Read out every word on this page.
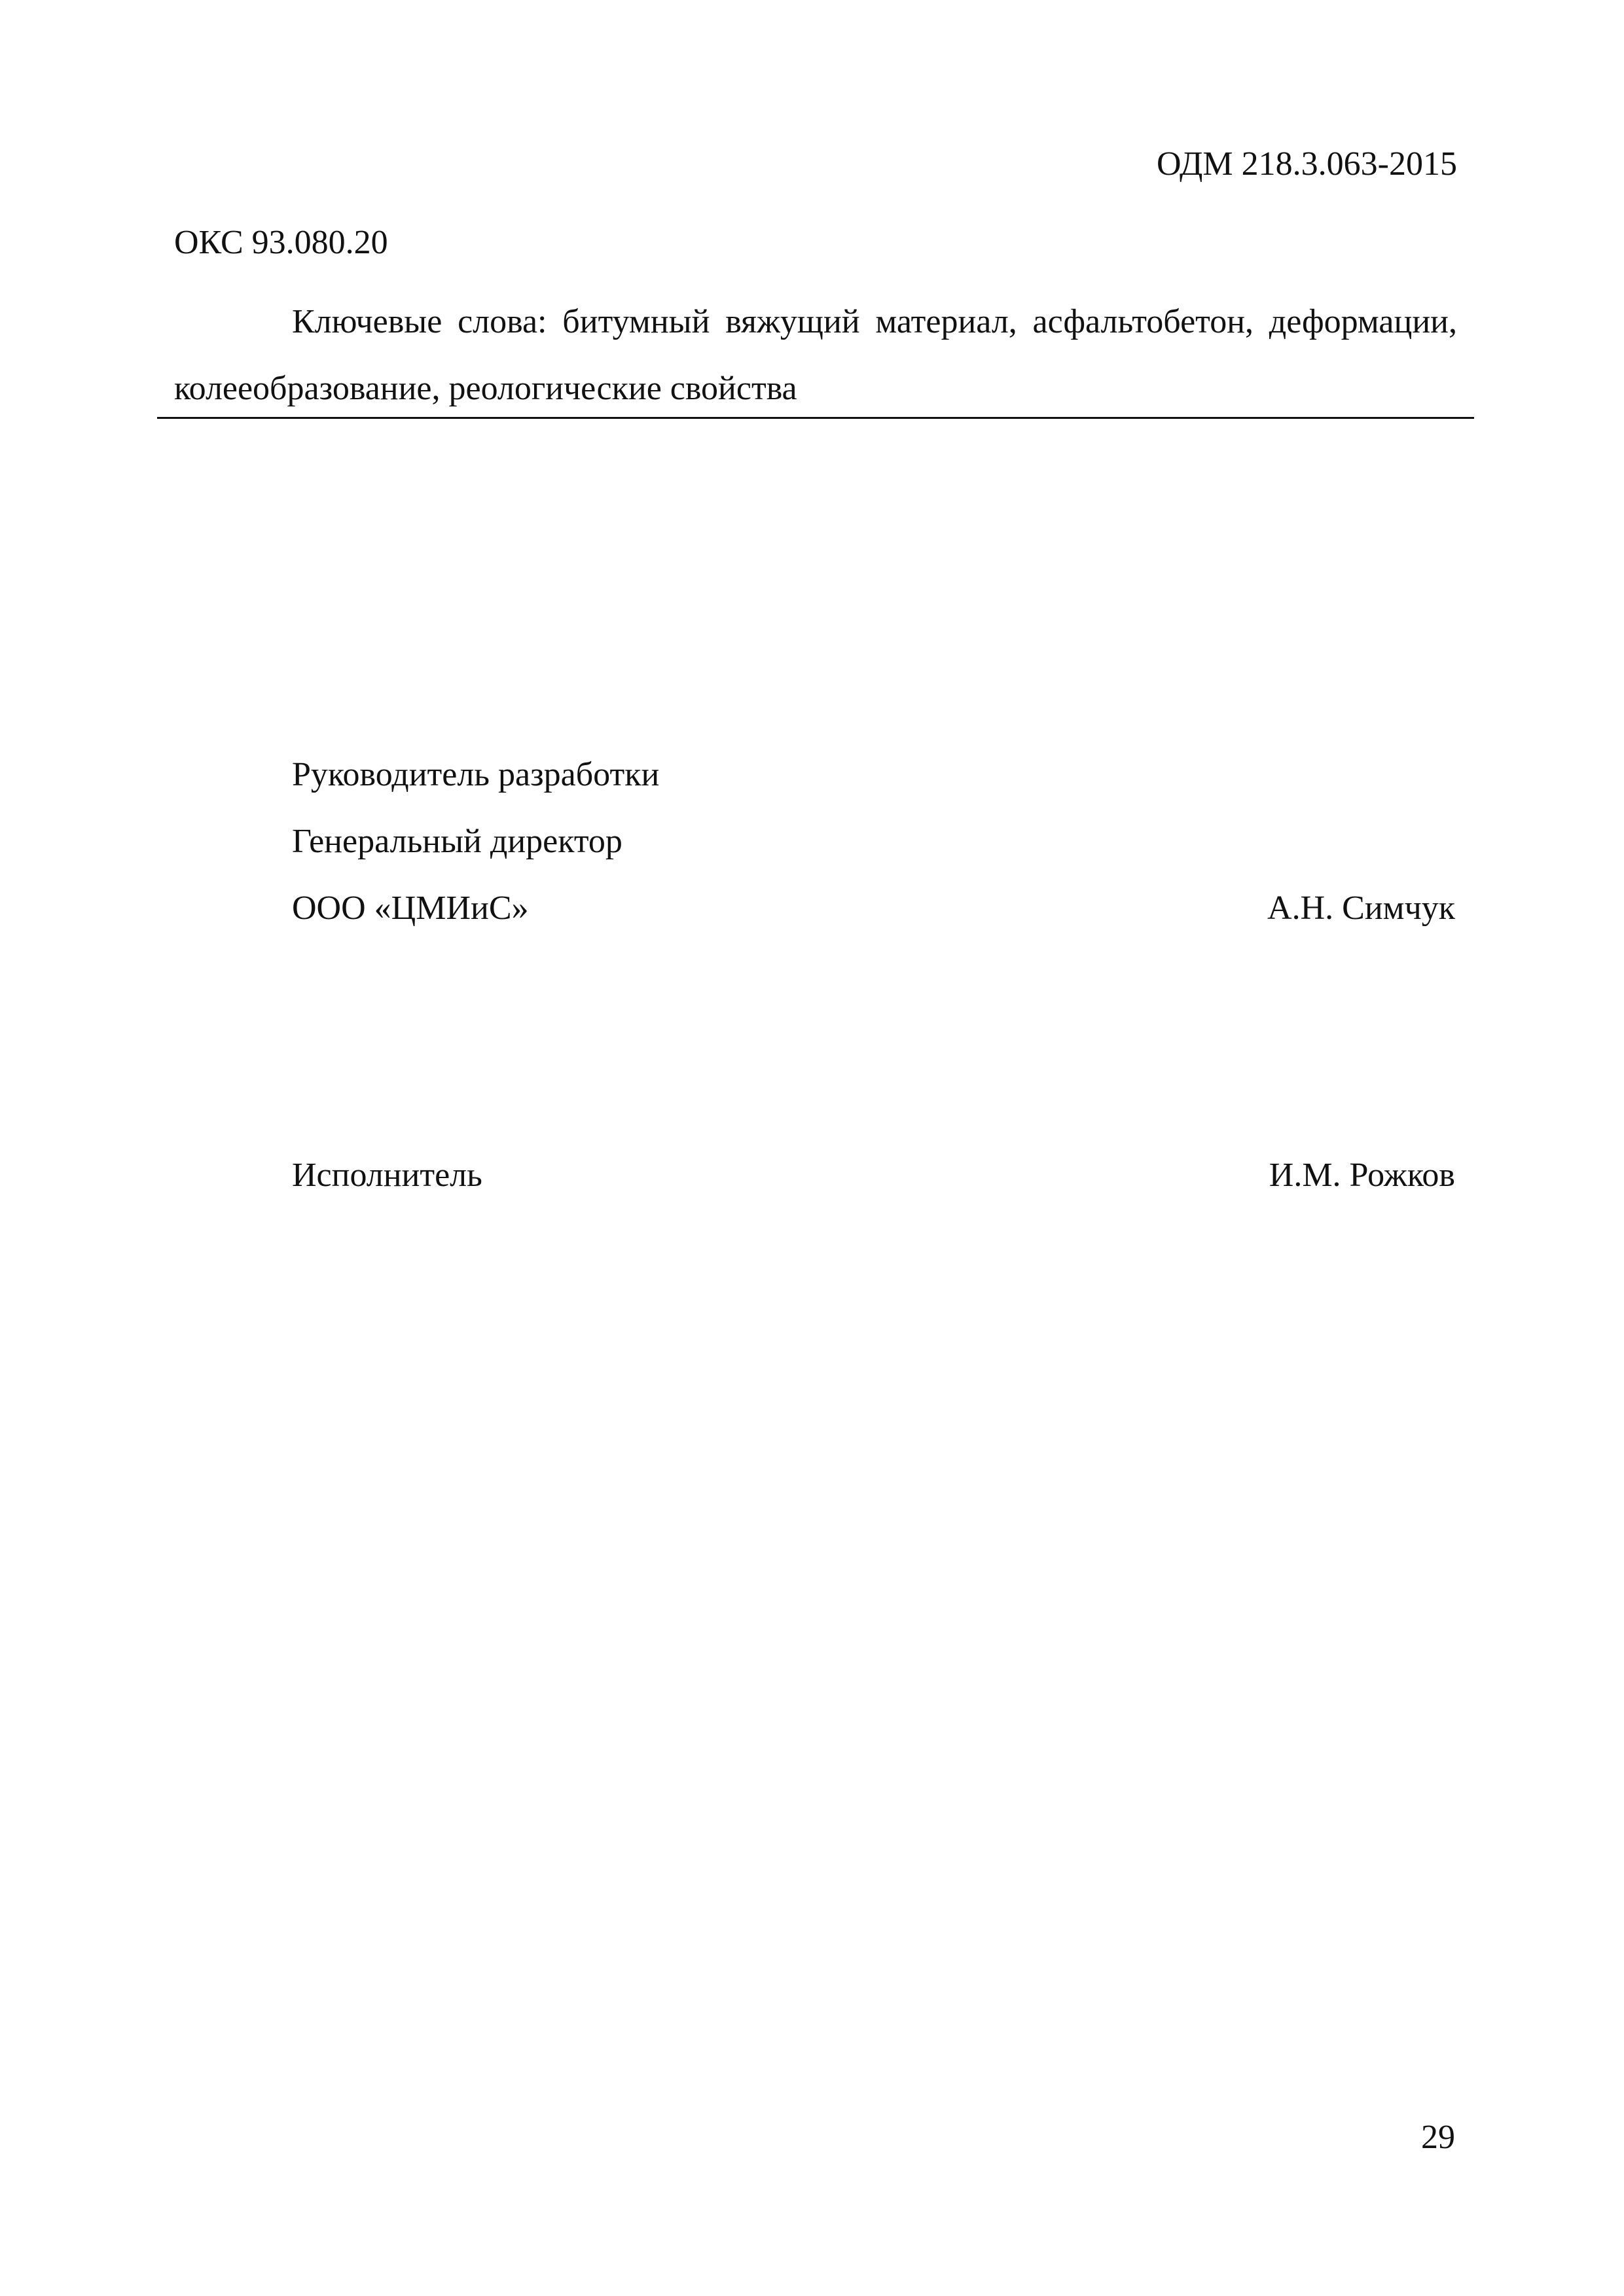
ОДМ 218.3.063-2015
ОКС 93.080.20
Ключевые слова: битумный вяжущий материал, асфальтобетон, деформации, колееобразование, реологические свойства
Руководитель разработки
Генеральный директор
ООО «ЦМИиС»	А.Н. Симчук
Исполнитель	И.М. Рожков
29
